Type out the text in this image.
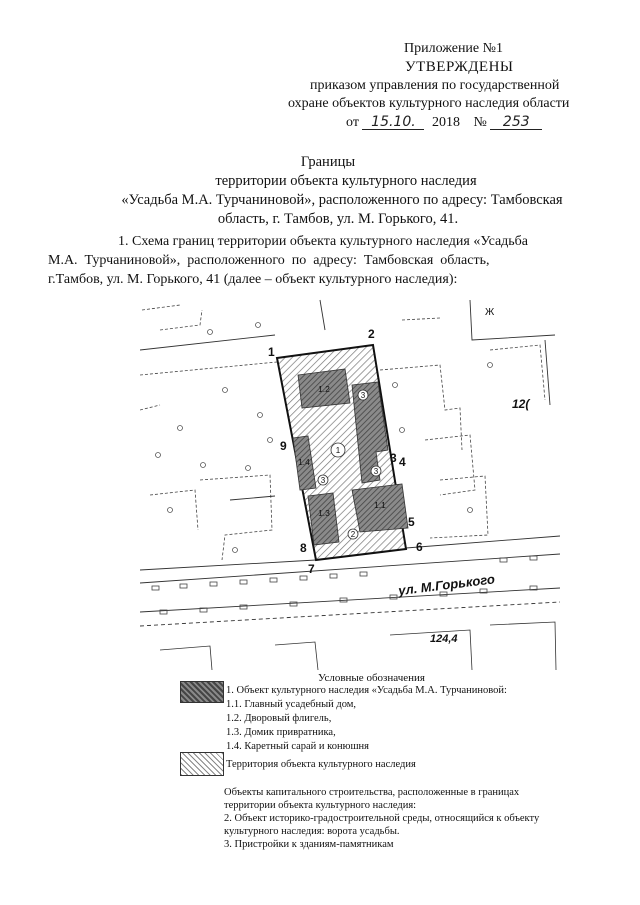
Приложение №1
УТВЕРЖДЕНЫ
приказом управления по государственной
охране объектов культурного наследия области
от 15.10. 2018 № 253
Границы
территории объекта культурного наследия
«Усадьба М.А. Турчаниновой», расположенного по адресу: Тамбовская
область, г. Тамбов, ул. М. Горького, 41.
1. Схема границ территории объекта культурного наследия «Усадьба
М.А.  Турчаниновой»,  расположенного  по  адресу:  Тамбовская  область,
г.Тамбов, ул. М. Горького, 41 (далее – объект культурного наследия):
1
3
3
3
2
1.1
1.2
1.3
1.4
1
2
3 4
5
6
7
8
9
ул. М.Горького
124,4
12(
Ж
Условные обозначения
1. Объект культурного наследия «Усадьба М.А. Турчаниновой:
1.1. Главный усадебный дом,
1.2. Дворовый флигель,
1.3. Домик привратника,
1.4. Каретный сарай и конюшня
Территория объекта культурного наследия
Объекты капитального строительства, расположенные в границах
территории объекта культурного наследия:
2. Объект историко-градостроительной среды, относящийся к объекту
культурного наследия: ворота усадьбы.
3. Пристройки к зданиям-памятникам
